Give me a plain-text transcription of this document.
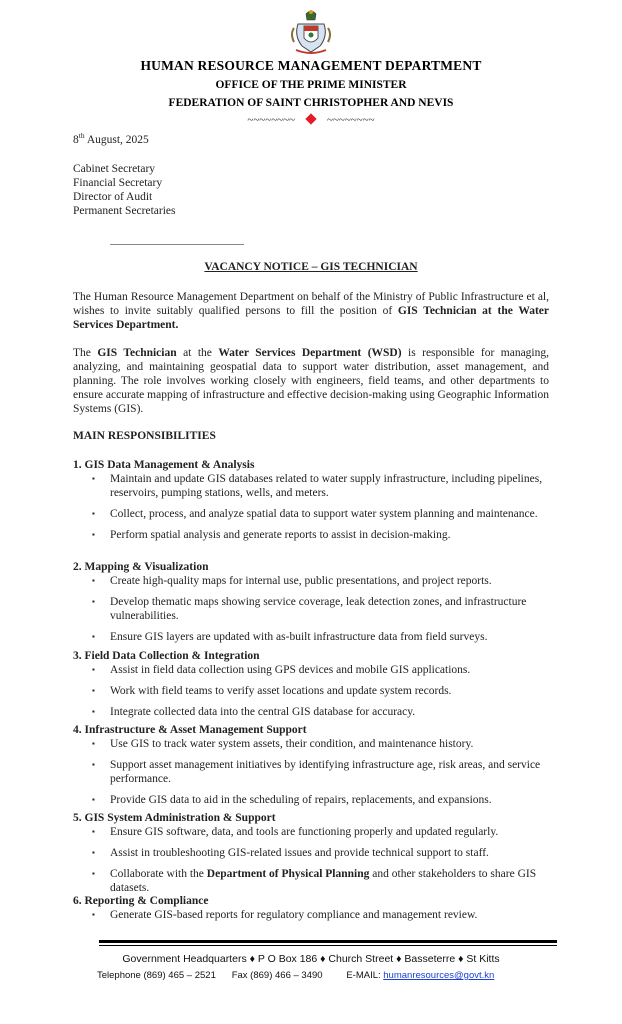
HUMAN RESOURCE MANAGEMENT DEPARTMENT
OFFICE OF THE PRIME MINISTER
FEDERATION OF SAINT CHRISTOPHER AND NEVIS
~~~~~~~~	~~~~~~~~
8th August, 2025
Cabinet Secretary
Financial Secretary
Director of Audit
Permanent Secretaries
VACANCY NOTICE – GIS TECHNICIAN
The Human Resource Management Department on behalf of the Ministry of Public Infrastructure et al, wishes to invite suitably qualified persons to fill the position of GIS Technician at the Water Services Department.
The GIS Technician at the Water Services Department (WSD) is responsible for managing, analyzing, and maintaining geospatial data to support water distribution, asset management, and planning. The role involves working closely with engineers, field teams, and other departments to ensure accurate mapping of infrastructure and effective decision-making using Geographic Information Systems (GIS).
MAIN RESPONSIBILITIES
1. GIS Data Management & Analysis
▪ Maintain and update GIS databases related to water supply infrastructure, including pipelines, reservoirs, pumping stations, wells, and meters.
▪ Collect, process, and analyze spatial data to support water system planning and maintenance.
▪ Perform spatial analysis and generate reports to assist in decision-making.
2. Mapping & Visualization
▪ Create high-quality maps for internal use, public presentations, and project reports.
▪ Develop thematic maps showing service coverage, leak detection zones, and infrastructure vulnerabilities.
▪ Ensure GIS layers are updated with as-built infrastructure data from field surveys.
3. Field Data Collection & Integration
▪ Assist in field data collection using GPS devices and mobile GIS applications.
▪ Work with field teams to verify asset locations and update system records.
▪ Integrate collected data into the central GIS database for accuracy.
4. Infrastructure & Asset Management Support
▪ Use GIS to track water system assets, their condition, and maintenance history.
▪ Support asset management initiatives by identifying infrastructure age, risk areas, and service performance.
▪ Provide GIS data to aid in the scheduling of repairs, replacements, and expansions.
5. GIS System Administration & Support
▪ Ensure GIS software, data, and tools are functioning properly and updated regularly.
▪ Assist in troubleshooting GIS-related issues and provide technical support to staff.
▪ Collaborate with the Department of Physical Planning and other stakeholders to share GIS datasets.
6. Reporting & Compliance
▪ Generate GIS-based reports for regulatory compliance and management review.
Government Headquarters ♦ P O Box 186 ♦ Church Street ♦ Basseterre ♦ St Kitts
Telephone (869) 465 – 2521 Fax (869) 466 – 3490	E-MAIL: humanresources@govt.kn
